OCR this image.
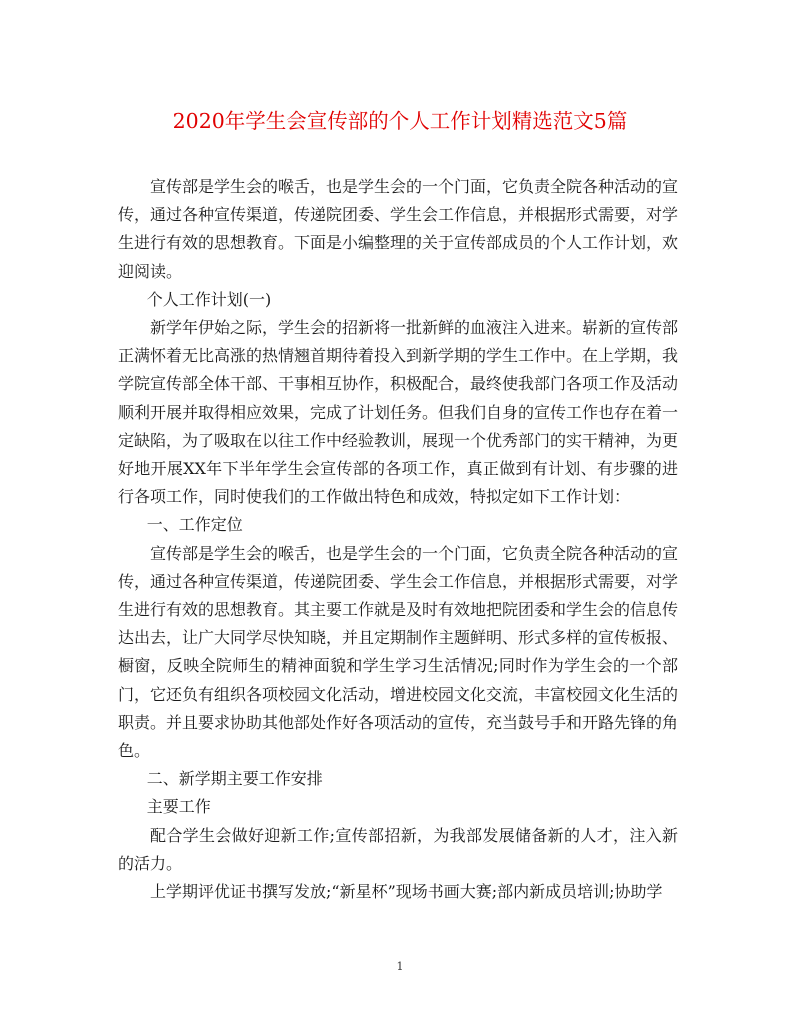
2020年学生会宣传部的个人工作计划精选范文5篇

宣传部是学生会的喉舌，也是学生会的一个门面，它负责全院各种活动的宣传，通过各种宣传渠道，传递院团委、学生会工作信息，并根据形式需要，对学生进行有效的思想教育。下面是小编整理的关于宣传部成员的个人工作计划，欢迎阅读。

个人工作计划(一)

新学年伊始之际，学生会的招新将一批新鲜的血液注入进来。崭新的宣传部正满怀着无比高涨的热情翘首期待着投入到新学期的学生工作中。在上学期，我学院宣传部全体干部、干事相互协作，积极配合，最终使我部门各项工作及活动顺利开展并取得相应效果，完成了计划任务。但我们自身的宣传工作也存在着一定缺陷，为了吸取在以往工作中经验教训，展现一个优秀部门的实干精神，为更好地开展XX年下半年学生会宣传部的各项工作，真正做到有计划、有步骤的进行各项工作，同时使我们的工作做出特色和成效，特拟定如下工作计划：

一、工作定位

宣传部是学生会的喉舌，也是学生会的一个门面，它负责全院各种活动的宣传，通过各种宣传渠道，传递院团委、学生会工作信息，并根据形式需要，对学生进行有效的思想教育。其主要工作就是及时有效地把院团委和学生会的信息传达出去，让广大同学尽快知晓，并且定期制作主题鲜明、形式多样的宣传板报、橱窗，反映全院师生的精神面貌和学生学习生活情况;同时作为学生会的一个部门，它还负有组织各项校园文化活动，增进校园文化交流，丰富校园文化生活的职责。并且要求协助其他部处作好各项活动的宣传，充当鼓号手和开路先锋的角色。

二、新学期主要工作安排

主要工作

配合学生会做好迎新工作;宣传部招新，为我部发展储备新的人才，注入新的活力。

上学期评优证书撰写发放;“新星杯”现场书画大赛;部内新成员培训;协助学

1
